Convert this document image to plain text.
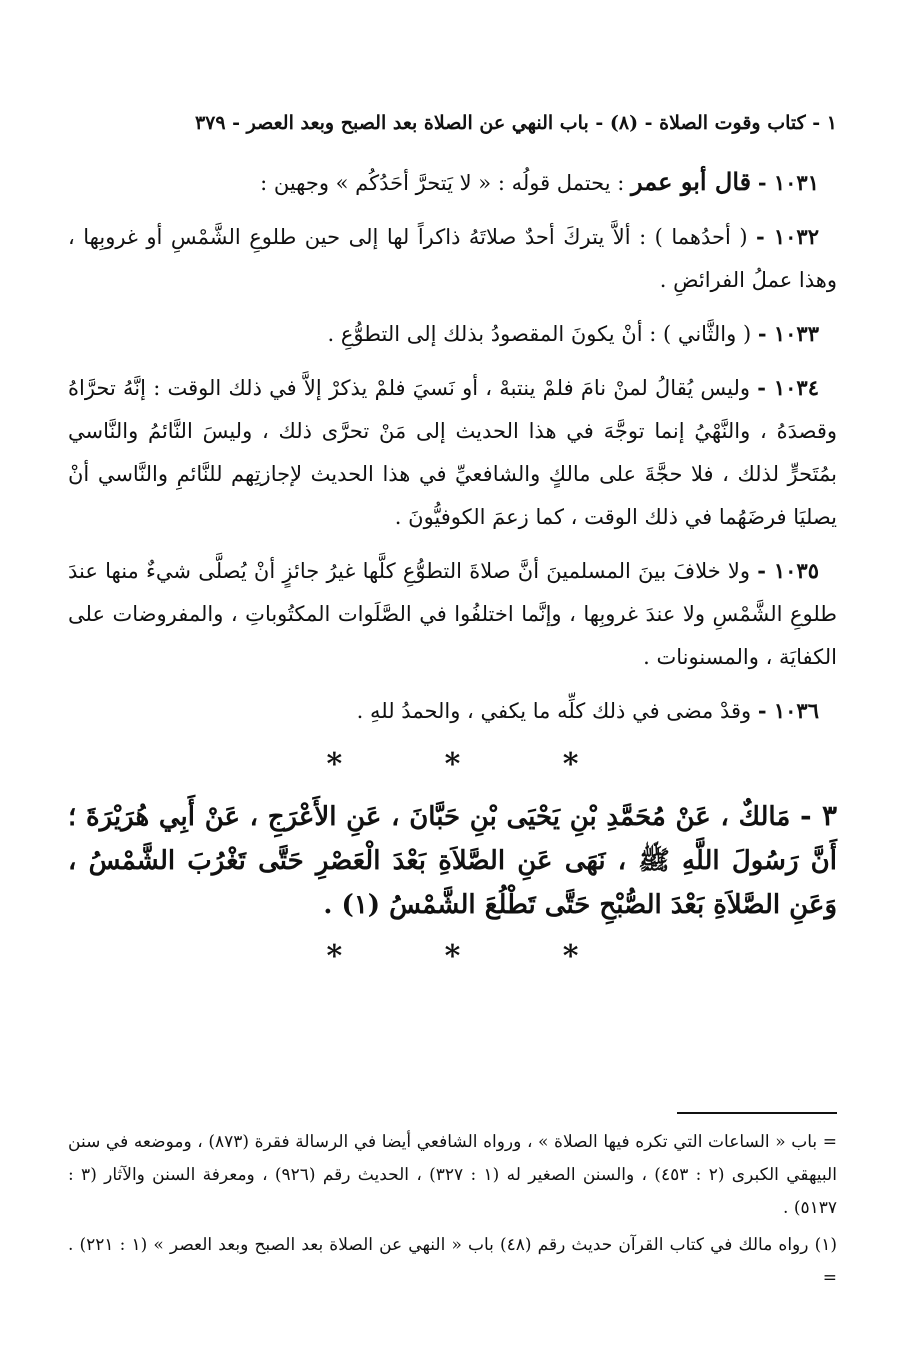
١ - كتاب وقوت الصلاة - (٨) - باب النهي عن الصلاة بعد الصبح وبعد العصر - ٣٧٩

١٠٣١ - قال أبو عمر : يحتمل قولُه : « لا يَتحرَّ أحَدُكُم » وجهين :

١٠٣٢ - ( أحدُهما ) : ألاَّ يتركَ أحدٌ صلاتَهُ ذاكراً لها إلى حين طلوعِ الشَّمْسِ أو غروبِها ، وهذا عملُ الفرائضِ .

١٠٣٣ - ( والثَّاني ) : أنْ يكونَ المقصودُ بذلك إلى التطوُّعِ .

١٠٣٤ - وليس يُقالُ لمنْ نامَ فلمْ ينتبهْ ، أو نَسيَ فلمْ يذكرْ إلاَّ في ذلك الوقت : إنَّهُ تحرَّاهُ وقصدَهُ ، والنَّهْيُ إنما توجَّهَ في هذا الحديث إلى مَنْ تحرَّى ذلك ، وليسَ النَّائمُ والنَّاسي بمُتَحرٍّ لذلك ، فلا حجَّةَ على مالكٍ والشافعيِّ في هذا الحديث لإجازتِهم للنَّائمِ والنَّاسي أنْ يصليَا فرضَهُما في ذلك الوقت ، كما زعمَ الكوفيُّونَ .

١٠٣٥ - ولا خلافَ بينَ المسلمينَ أنَّ صلاةَ التطوُّعِ كلَّها غيرُ جائزٍ أنْ يُصلَّى شيءٌ منها عندَ طلوعِ الشَّمْسِ ولا عندَ غروبِها ، وإنَّما اختلفُوا في الصَّلَوات المكتُوباتِ ، والمفروضات على الكفايَة ، والمسنونات .

١٠٣٦ - وقدْ مضى في ذلك كلِّه ما يكفي ، والحمدُ للهِ .

* * *

٣ - مَالكٌ ، عَنْ مُحَمَّدِ بْنِ يَحْيَى بْنِ حَبَّانَ ، عَنِ الأَعْرَجِ ، عَنْ أَبِي هُرَيْرَةَ ؛ أَنَّ رَسُولَ اللَّهِ ﷺ ، نَهَى عَنِ الصَّلاَةِ بَعْدَ الْعَصْرِ حَتَّى تَغْرُبَ الشَّمْسُ ، وَعَنِ الصَّلاَةِ بَعْدَ الصُّبْحِ حَتَّى تَطْلُعَ الشَّمْسُ (١) .

* * *

= باب « الساعات التي تكره فيها الصلاة » ، ورواه الشافعي أيضا في الرسالة فقرة (٨٧٣) ، وموضعه في سنن البيهقي الكبرى (٢ : ٤٥٣) ، والسنن الصغير له (١ : ٣٢٧) ، الحديث رقم (٩٢٦) ، ومعرفة السنن والآثار (٣ : ٥١٣٧) .

(١) رواه مالك في كتاب القرآن حديث رقم (٤٨) باب « النهي عن الصلاة بعد الصبح وبعد العصر » (١ : ٢٢١) . =
